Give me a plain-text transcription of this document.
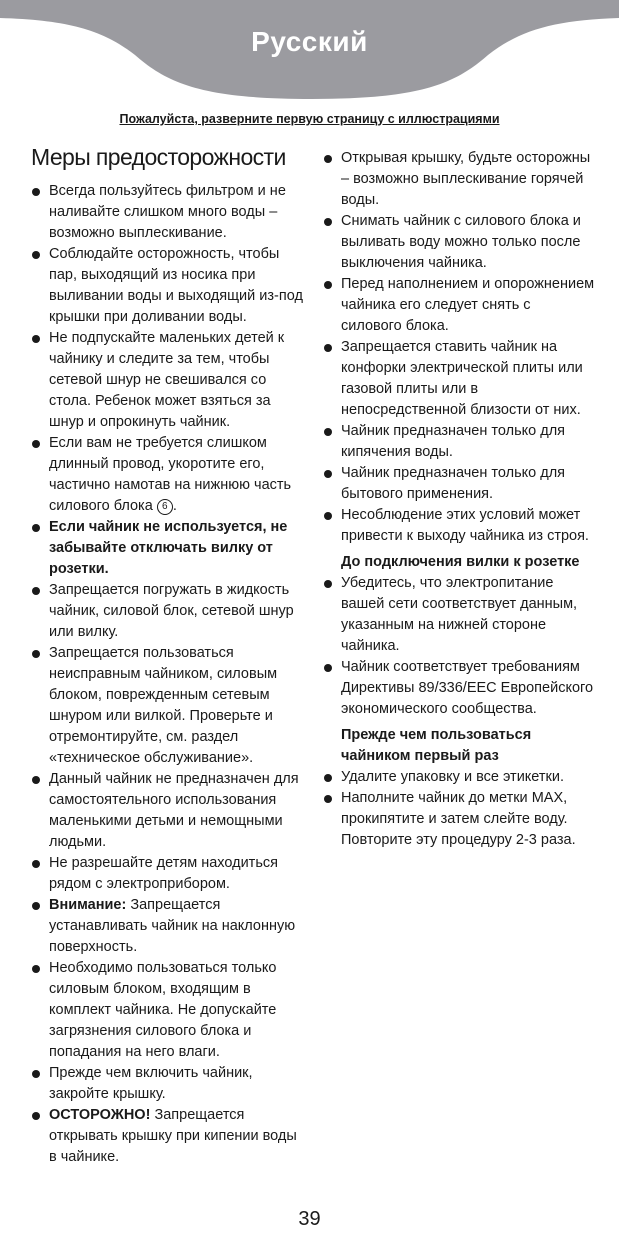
Русский
Пожалуйста, разверните первую страницу с иллюстрациями
Меры предосторожности
Всегда пользуйтесь фильтром и не наливайте слишком много воды – возможно выплескивание.
Соблюдайте осторожность, чтобы пар, выходящий из носика при выливании воды и выходящий из-под крышки при доливании воды.
Не подпускайте маленьких детей к чайнику и следите за тем, чтобы сетевой шнур не свешивался со стола. Ребенок может взяться за шнур и опрокинуть чайник.
Если вам не требуется слишком длинный провод, укоротите его, частично намотав на нижнюю часть силового блока 6 .
Если чайник не используется, не забывайте отключать вилку от розетки.
Запрещается погружать в жидкость чайник, силовой блок, сетевой шнур или вилку.
Запрещается пользоваться неисправным чайником, силовым блоком, поврежденным сетевым шнуром или вилкой. Проверьте и отремонтируйте, см. раздел «техническое обслуживание».
Данный чайник не предназначен для самостоятельного использования маленькими детьми и немощными людьми.
Не разрешайте детям находиться рядом с электроприбором.
Внимание: Запрещается устанавливать чайник на наклонную поверхность.
Необходимо пользоваться только силовым блоком, входящим в комплект чайника. Не допускайте загрязнения силового блока и попадания на него влаги.
Прежде чем включить чайник, закройте крышку.
ОСТОРОЖНО! Запрещается открывать крышку при кипении воды в чайнике.
Открывая крышку, будьте осторожны – возможно выплескивание горячей воды.
Снимать чайник с силового блока и выливать воду можно только после выключения чайника.
Перед наполнением и опорожнением чайника его следует снять с силового блока.
Запрещается ставить чайник на конфорки электрической плиты или газовой плиты или в непосредственной близости от них.
Чайник предназначен только для кипячения воды.
Чайник предназначен только для бытового применения.
Несоблюдение этих условий может привести к выходу чайника из строя.
До подключения вилки к розетке
Убедитесь, что электропитание вашей сети соответствует данным, указанным на нижней стороне чайника.
Чайник соответствует требованиям Директивы 89/336/EEC Европейского экономического сообщества.
Прежде чем пользоваться чайником первый раз
Удалите упаковку и все этикетки.
Наполните чайник до метки MAX, прокипятите и затем слейте воду. Повторите эту процедуру 2-3 раза.
39
